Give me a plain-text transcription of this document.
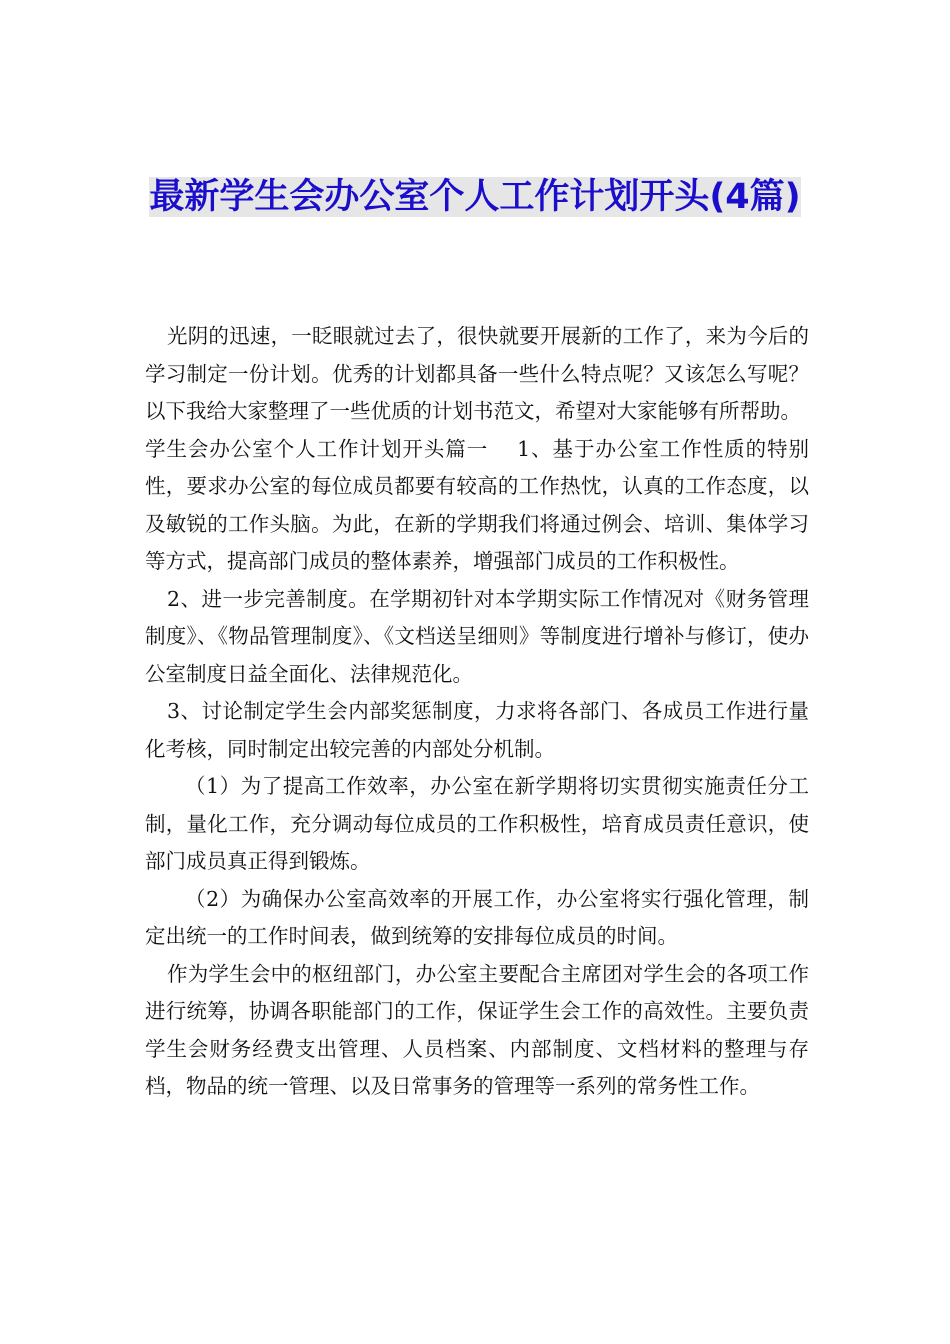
最新学生会办公室个人工作计划开头(4篇)

光阴的迅速，一眨眼就过去了，很快就要开展新的工作了，来为今后的学习制定一份计划。优秀的计划都具备一些什么特点呢？又该怎么写呢？以下我给大家整理了一些优质的计划书范文，希望对大家能够有所帮助。

学生会办公室个人工作计划开头篇一　 1、基于办公室工作性质的特别性，要求办公室的每位成员都要有较高的工作热忱，认真的工作态度，以及敏锐的工作头脑。为此，在新的学期我们将通过例会、培训、集体学习等方式，提高部门成员的整体素养，增强部门成员的工作积极性。

2、进一步完善制度。在学期初针对本学期实际工作情况对《财务管理制度》、《物品管理制度》、《文档送呈细则》等制度进行增补与修订，使办公室制度日益全面化、法律规范化。

3、讨论制定学生会内部奖惩制度，力求将各部门、各成员工作进行量化考核，同时制定出较完善的内部处分机制。

（1）为了提高工作效率，办公室在新学期将切实贯彻实施责任分工制，量化工作，充分调动每位成员的工作积极性，培育成员责任意识，使部门成员真正得到锻炼。

（2）为确保办公室高效率的开展工作，办公室将实行强化管理，制定出统一的工作时间表，做到统筹的安排每位成员的时间。

作为学生会中的枢纽部门，办公室主要配合主席团对学生会的各项工作进行统筹，协调各职能部门的工作，保证学生会工作的高效性。主要负责学生会财务经费支出管理、人员档案、内部制度、文档材料的整理与存档，物品的统一管理、以及日常事务的管理等一系列的常务性工作。
